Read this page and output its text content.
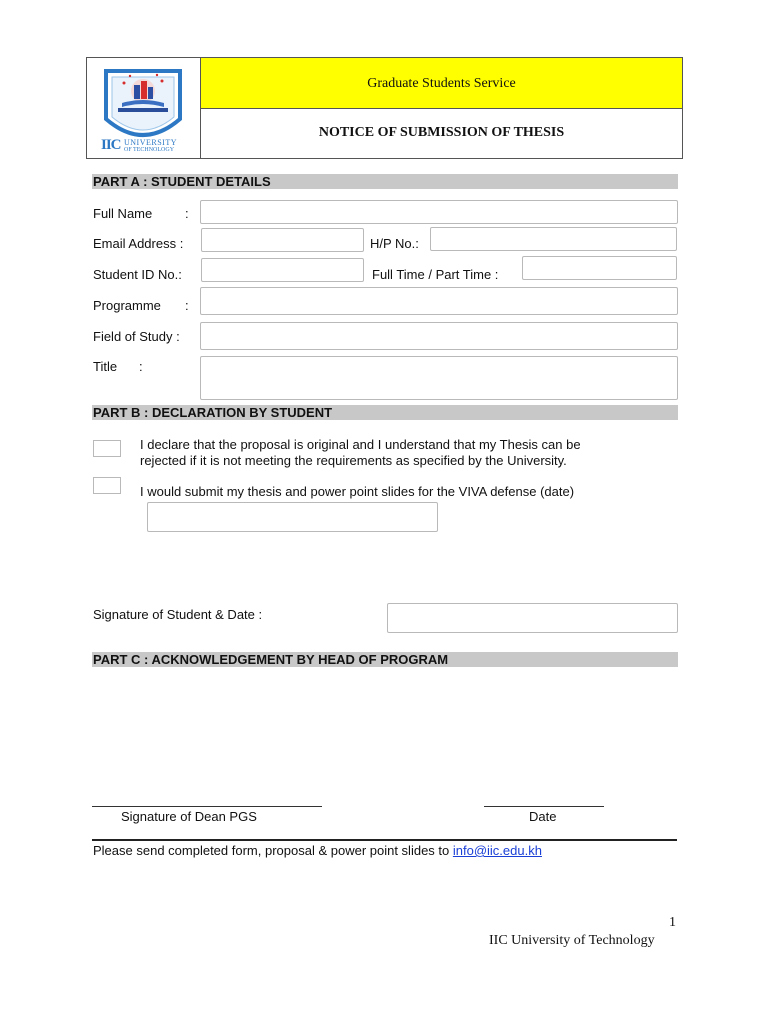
IIC UNIVERSITY
OF TECHNOLOGY
Graduate Students Service
NOTICE OF SUBMISSION OF THESIS
PART A : STUDENT DETAILS
Full Name	:
Email Address :	H/P No.:
Student ID No.:	Full Time / Part Time :
Programme :
Field of Study :
Title :
PART B : DECLARATION BY STUDENT
I declare that the proposal is original and I understand that my Thesis can be
rejected if it is not meeting the requirements as specified by the University.
I would submit my thesis and power point slides for the VIVA defense (date)
Signature of Student & Date :
PART C : ACKNOWLEDGEMENT BY HEAD OF PROGRAM
Signature of Dean PGS	Date
Please send completed form, proposal & power point slides to info@iic.edu.kh
1
IIC University of Technology
